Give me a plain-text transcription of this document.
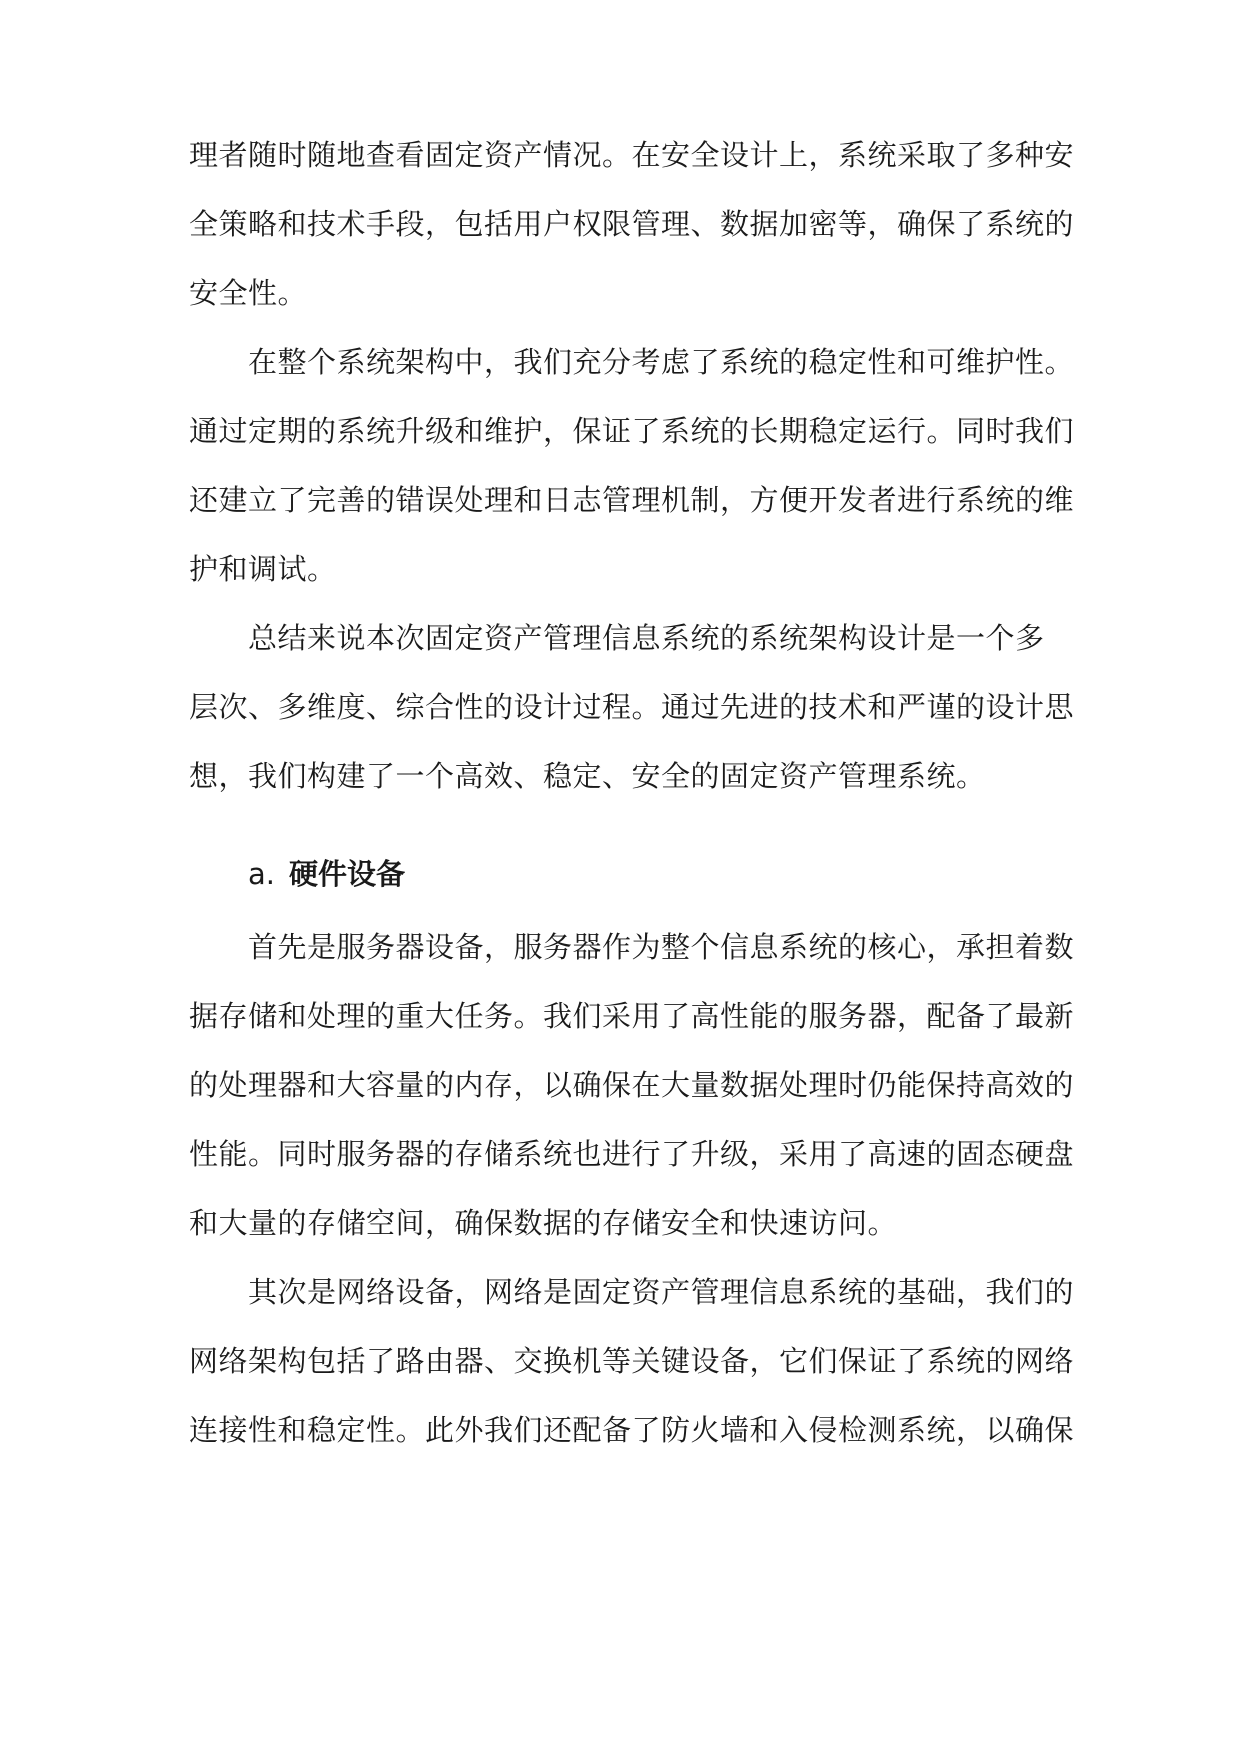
理者随时随地查看固定资产情况。在安全设计上，系统采取了多种安
全策略和技术手段，包括用户权限管理、数据加密等，确保了系统的
安全性。
在整个系统架构中，我们充分考虑了系统的稳定性和可维护性。
通过定期的系统升级和维护，保证了系统的长期稳定运行。同时我们
还建立了完善的错误处理和日志管理机制，方便开发者进行系统的维
护和调试。
总结来说本次固定资产管理信息系统的系统架构设计是一个多
层次、多维度、综合性的设计过程。通过先进的技术和严谨的设计思
想，我们构建了一个高效、稳定、安全的固定资产管理系统。
a. 硬件设备
首先是服务器设备，服务器作为整个信息系统的核心，承担着数
据存储和处理的重大任务。我们采用了高性能的服务器，配备了最新
的处理器和大容量的内存，以确保在大量数据处理时仍能保持高效的
性能。同时服务器的存储系统也进行了升级，采用了高速的固态硬盘
和大量的存储空间，确保数据的存储安全和快速访问。
其次是网络设备，网络是固定资产管理信息系统的基础，我们的
网络架构包括了路由器、交换机等关键设备，它们保证了系统的网络
连接性和稳定性。此外我们还配备了防火墙和入侵检测系统，以确保
